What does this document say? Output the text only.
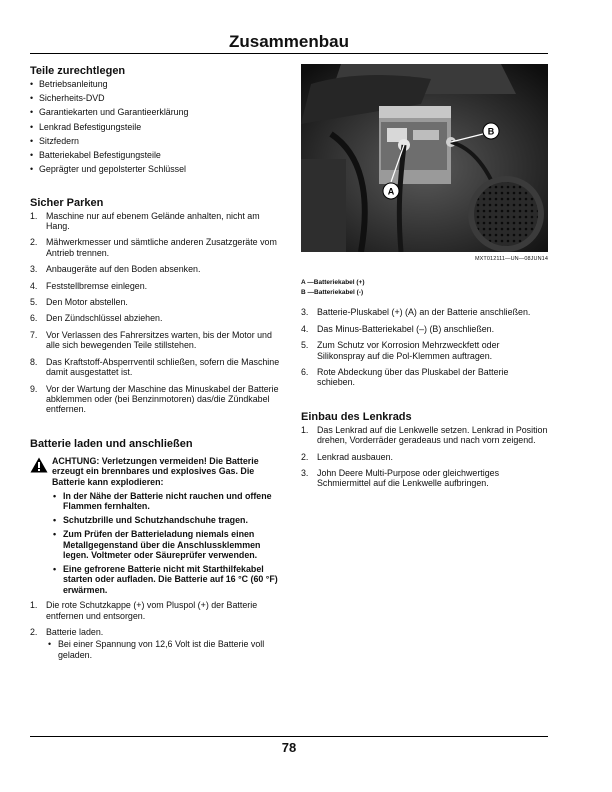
Zusammenbau
Teile zurechtlegen
• Betriebsanleitung
• Sicherheits-DVD
• Garantiekarten und Garantieerklärung
• Lenkrad Befestigungsteile
• Sitzfedern
• Batteriekabel Befestigungsteile
• Geprägter und gepolsterter Schlüssel
Sicher Parken
1. Maschine nur auf ebenem Gelände anhalten, nicht am Hang.
2. Mähwerkmesser und sämtliche anderen Zusatzgeräte vom Antrieb trennen.
3. Anbaugeräte auf den Boden absenken.
4. Feststellbremse einlegen.
5. Den Motor abstellen.
6. Den Zündschlüssel abziehen.
7. Vor Verlassen des Fahrersitzes warten, bis der Motor und alle sich bewegenden Teile stillstehen.
8. Das Kraftstoff-Absperrventil schließen, sofern die Maschine damit ausgestattet ist.
9. Vor der Wartung der Maschine das Minuskabel der Batterie abklemmen oder (bei Benzinmotoren) das/die Zündkabel entfernen.
Batterie laden und anschließen
ACHTUNG: Verletzungen vermeiden! Die Batterie erzeugt ein brennbares und explosives Gas. Die Batterie kann explodieren:
• In der Nähe der Batterie nicht rauchen und offene Flammen fernhalten.
• Schutzbrille und Schutzhandschuhe tragen.
• Zum Prüfen der Batterieladung niemals einen Metallgegenstand über die Anschlussklemmen legen. Voltmeter oder Säureprüfer verwenden.
• Eine gefrorene Batterie nicht mit Starthilfekabel starten oder aufladen. Die Batterie auf 16 °C (60 °F) erwärmen.
1. Die rote Schutzkappe (+) vom Pluspol (+) der Batterie entfernen und entsorgen.
2. Batterie laden.
• Bei einer Spannung von 12,6 Volt ist die Batterie voll geladen.
A
B
MXT012111—UN—08JUN14
A —Batteriekabel (+)
B —Batteriekabel (-)
3. Batterie-Pluskabel (+) (A) an der Batterie anschließen.
4. Das Minus-Batteriekabel (–) (B) anschließen.
5. Zum Schutz vor Korrosion Mehrzweckfett oder Silikonspray auf die Pol-Klemmen auftragen.
6. Rote Abdeckung über das Pluskabel der Batterie schieben.
Einbau des Lenkrads
1. Das Lenkrad auf die Lenkwelle setzen. Lenkrad in Position drehen, Vorderräder geradeaus und nach vorn zeigend.
2. Lenkrad ausbauen.
3. John Deere Multi-Purpose oder gleichwertiges Schmiermittel auf die Lenkwelle aufbringen.
78
